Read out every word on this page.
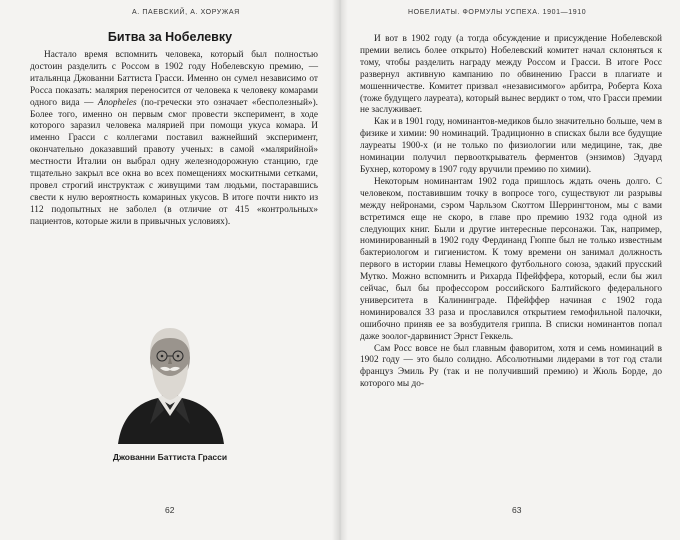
А. ПАЕВСКИЙ, А. ХОРУЖАЯ
Битва за Нобелевку

Настало время вспомнить человека, который был полностью достоин разделить с Россом в 1902 году Нобелевскую премию, — итальянца Джованни Баттиста Грасси. Именно он сумел независимо от Росса показать: малярия переносится от человека к человеку комарами одного вида — Anopheles (по-гречески это означает «бесполезный»). Более того, именно он первым смог провести эксперимент, в ходе которого заразил человека малярией при помощи укуса комара. И именно Грасси с коллегами поставил важнейший эксперимент, окончательно доказавший правоту ученых: в самой «малярийной» местности Италии он выбрал одну железнодорожную станцию, где тщательно закрыл все окна во всех помещениях москитными сетками, провел строгий инструктаж с живущими там людьми, постаравшись свести к нулю вероятность комариных укусов. В итоге почти никто из 112 подопытных не заболел (в отличие от 415 «контрольных» пациентов, которые жили в привычных условиях).

Джованни Баттиста Грасси
62
НОБЕЛИАТЫ. ФОРМУЛЫ УСПЕХА. 1901—1910

И вот в 1902 году (а тогда обсуждение и присуждение Нобелевской премии велись более открыто) Нобелевский комитет начал склоняться к тому, чтобы разделить награду между Россом и Грасси. В итоге Росс развернул активную кампанию по обвинению Грасси в плагиате и мошенничестве. Комитет призвал «независимого» арбитра, Роберта Коха (тоже будущего лауреата), который вынес вердикт о том, что Грасси премии не заслуживает.

Как и в 1901 году, номинантов-медиков было значительно больше, чем в физике и химии: 90 номинаций. Традиционно в списках были все будущие лауреаты 1900-х (и не только по физиологии или медицине, так, две номинации получил первооткрыватель ферментов (энзимов) Эдуард Бухнер, которому в 1907 году вручили премию по химии).

Некоторым номинантам 1902 года пришлось ждать очень долго. С человеком, поставившим точку в вопросе того, существуют ли разрывы между нейронами, сэром Чарльзом Скоттом Шеррингтоном, мы с вами встретимся еще не скоро, в главе про премию 1932 года одной из следующих книг. Были и другие интересные персонажи. Так, например, номинированный в 1902 году Фердинанд Гюппе был не только известным бактериологом и гигиенистом. К тому времени он занимал должность первого в истории главы Немецкого футбольного союза, эдакий прусский Мутко. Можно вспомнить и Рихарда Пфейффера, который, если бы жил сейчас, был бы профессором российского Балтийского федерального университета в Калининграде. Пфейффер начиная с 1902 года номинировался 33 раза и прославился открытием гемофильной палочки, ошибочно приняв ее за возбудителя гриппа. В списки номинантов попал даже зоолог-дарвинист Эрнст Геккель.

Сам Росс вовсе не был главным фаворитом, хотя и семь номинаций в 1902 году — это было солидно. Абсолютными лидерами в тот год стали француз Эмиль Ру (так и не получивший премию) и Жюль Борде, до которого мы до-

63
